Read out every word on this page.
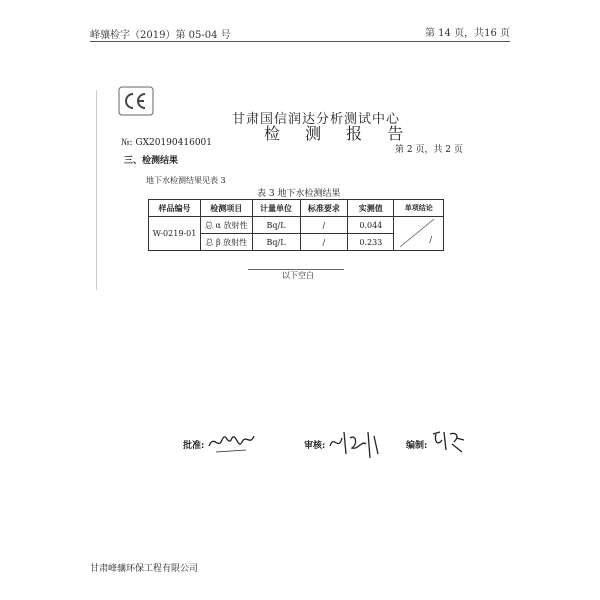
峰骧检字（2019）第 05-04 号	第 14 页，共16 页
甘肃国信润达分析测试中心
检 测 报 告
№: GX20190416001
第 2 页，共 2 页
三、检测结果
地下水检测结果见表 3
表 3 地下水检测结果
样品编号	检测项目	计量单位	标准要求	实测值	单项结论
W-0219-01	总 α 放射性	Bq/L	/	0.044	/
	总 β 放射性	Bq/L	/	0.233	
以下空白
批准:	审核:	编制:
甘肃峰骧环保工程有限公司
